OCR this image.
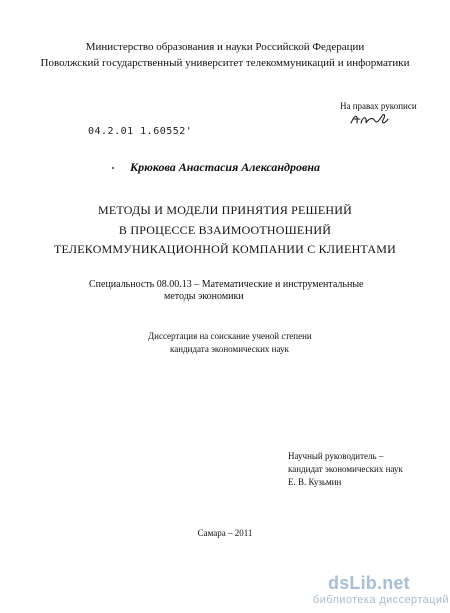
Министерство образования и науки Российской Федерации
Поволжский государственный университет телекоммуникаций и информатики
На правах рукописи
04.2.01 1.60552'
Крюкова Анастасия Александровна
МЕТОДЫ И МОДЕЛИ ПРИНЯТИЯ РЕШЕНИЙ
В ПРОЦЕССЕ ВЗАИМООТНОШЕНИЙ
ТЕЛЕКОММУНИКАЦИОННОЙ КОМПАНИИ С КЛИЕНТАМИ
Специальность 08.00.13 – Математические и инструментальные
методы экономики
Диссертация на соискание ученой степени
кандидата экономических наук
Научный руководитель –
кандидат экономических наук
Е. В. Кузьмин
Самара – 2011
dsLib.net
библиотека диссертаций
